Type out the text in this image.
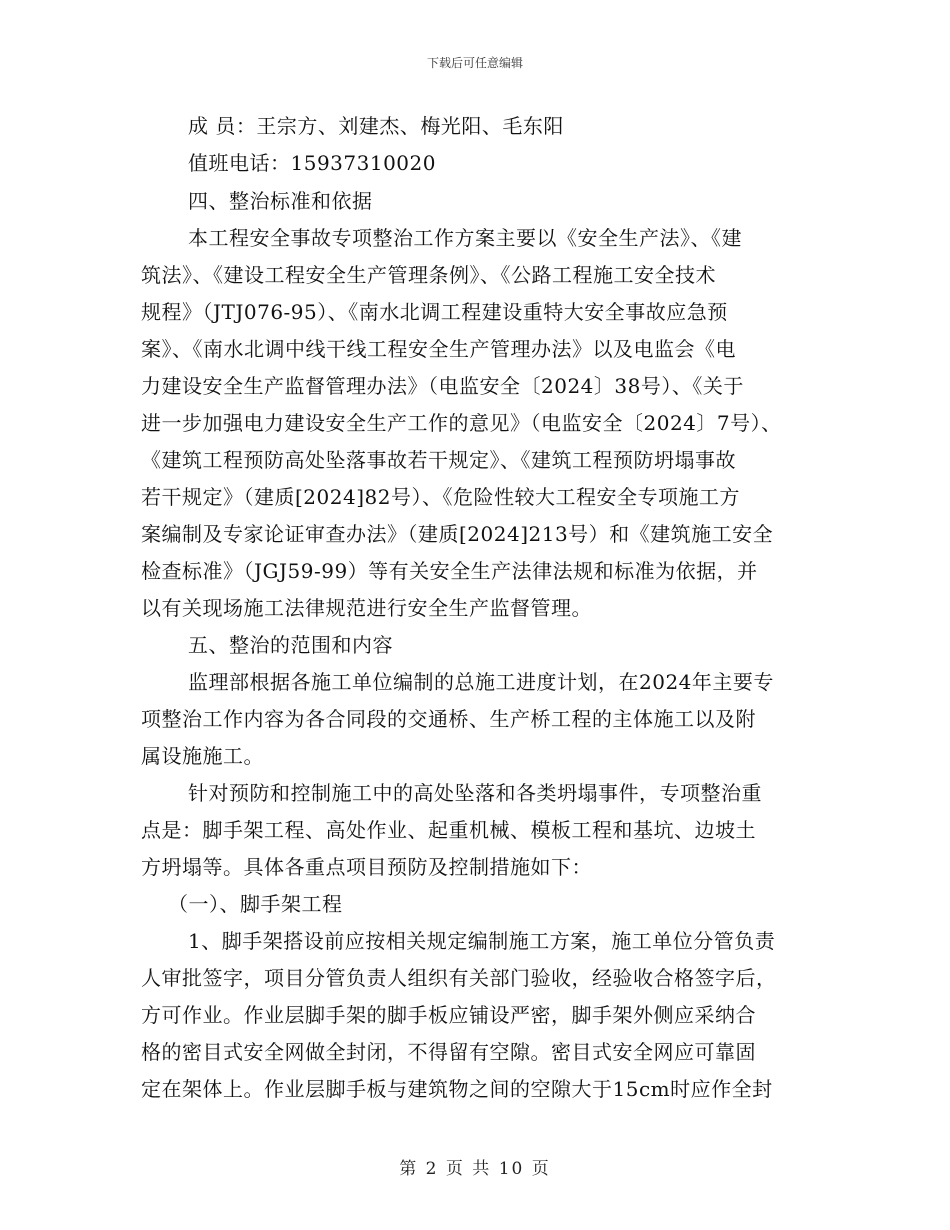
下载后可任意编辑
成 员：王宗方、刘建杰、梅光阳、毛东阳
值班电话：15937310020
四、整治标准和依据
本工程安全事故专项整治工作方案主要以《安全生产法》、《建
筑法》、《建设工程安全生产管理条例》、《公路工程施工安全技术
规程》（JTJ076-95）、《南水北调工程建设重特大安全事故应急预
案》、《南水北调中线干线工程安全生产管理办法》以及电监会《电
力建设安全生产监督管理办法》（电监安全〔2024〕38号）、《关于
进一步加强电力建设安全生产工作的意见》（电监安全〔2024〕7号）、
《建筑工程预防高处坠落事故若干规定》、《建筑工程预防坍塌事故
若干规定》（建质[2024]82号）、《危险性较大工程安全专项施工方
案编制及专家论证审查办法》（建质[2024]213号）和《建筑施工安全
检查标准》（JGJ59-99）等有关安全生产法律法规和标准为依据，并
以有关现场施工法律规范进行安全生产监督管理。
五、整治的范围和内容
监理部根据各施工单位编制的总施工进度计划，在2024年主要专
项整治工作内容为各合同段的交通桥、生产桥工程的主体施工以及附
属设施施工。
针对预防和控制施工中的高处坠落和各类坍塌事件，专项整治重
点是：脚手架工程、高处作业、起重机械、模板工程和基坑、边坡土
方坍塌等。具体各重点项目预防及控制措施如下：
（一）、脚手架工程
1、脚手架搭设前应按相关规定编制施工方案，施工单位分管负责
人审批签字，项目分管负责人组织有关部门验收，经验收合格签字后，
方可作业。作业层脚手架的脚手板应铺设严密，脚手架外侧应采纳合
格的密目式安全网做全封闭，不得留有空隙。密目式安全网应可靠固
定在架体上。作业层脚手板与建筑物之间的空隙大于15cm时应作全封
第 2 页 共 10 页
